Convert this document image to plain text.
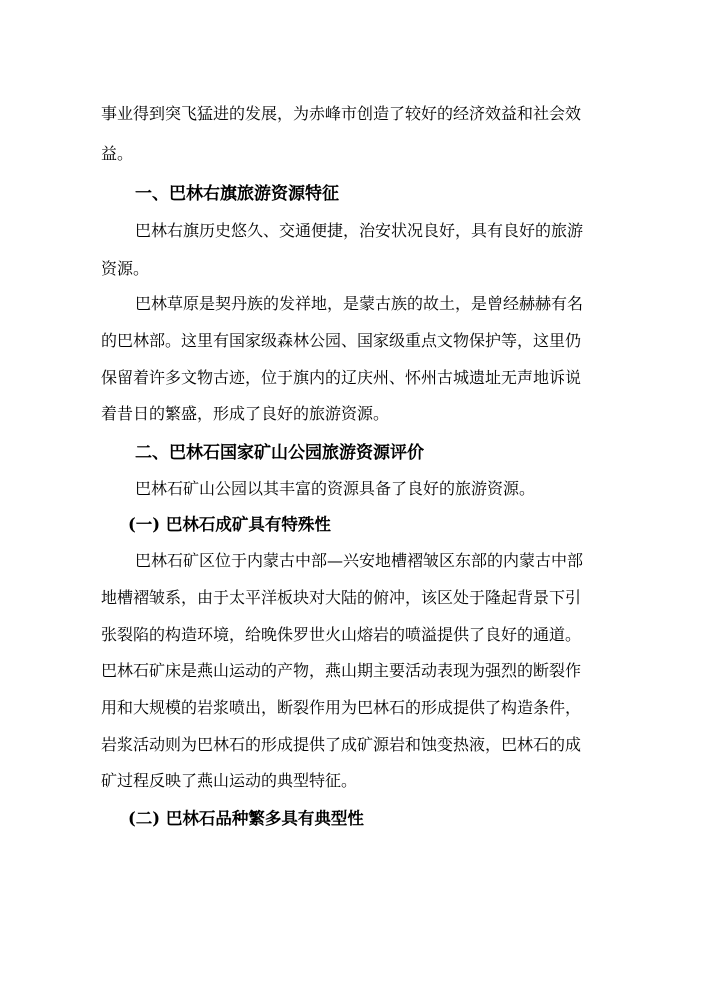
事业得到突飞猛进的发展，为赤峰市创造了较好的经济效益和社会效
益。
一、巴林右旗旅游资源特征
巴林右旗历史悠久、交通便捷，治安状况良好，具有良好的旅游
资源。
巴林草原是契丹族的发祥地，是蒙古族的故土，是曾经赫赫有名
的巴林部。这里有国家级森林公园、国家级重点文物保护等，这里仍
保留着许多文物古迹，位于旗内的辽庆州、怀州古城遗址无声地诉说
着昔日的繁盛，形成了良好的旅游资源。
二、巴林石国家矿山公园旅游资源评价
巴林石矿山公园以其丰富的资源具备了良好的旅游资源。
(一) 巴林石成矿具有特殊性
巴林石矿区位于内蒙古中部—兴安地槽褶皱区东部的内蒙古中部
地槽褶皱系，由于太平洋板块对大陆的俯冲，该区处于隆起背景下引
张裂陷的构造环境，给晚侏罗世火山熔岩的喷溢提供了良好的通道。
巴林石矿床是燕山运动的产物，燕山期主要活动表现为强烈的断裂作
用和大规模的岩浆喷出，断裂作用为巴林石的形成提供了构造条件，
岩浆活动则为巴林石的形成提供了成矿源岩和蚀变热液，巴林石的成
矿过程反映了燕山运动的典型特征。
(二) 巴林石品种繁多具有典型性
